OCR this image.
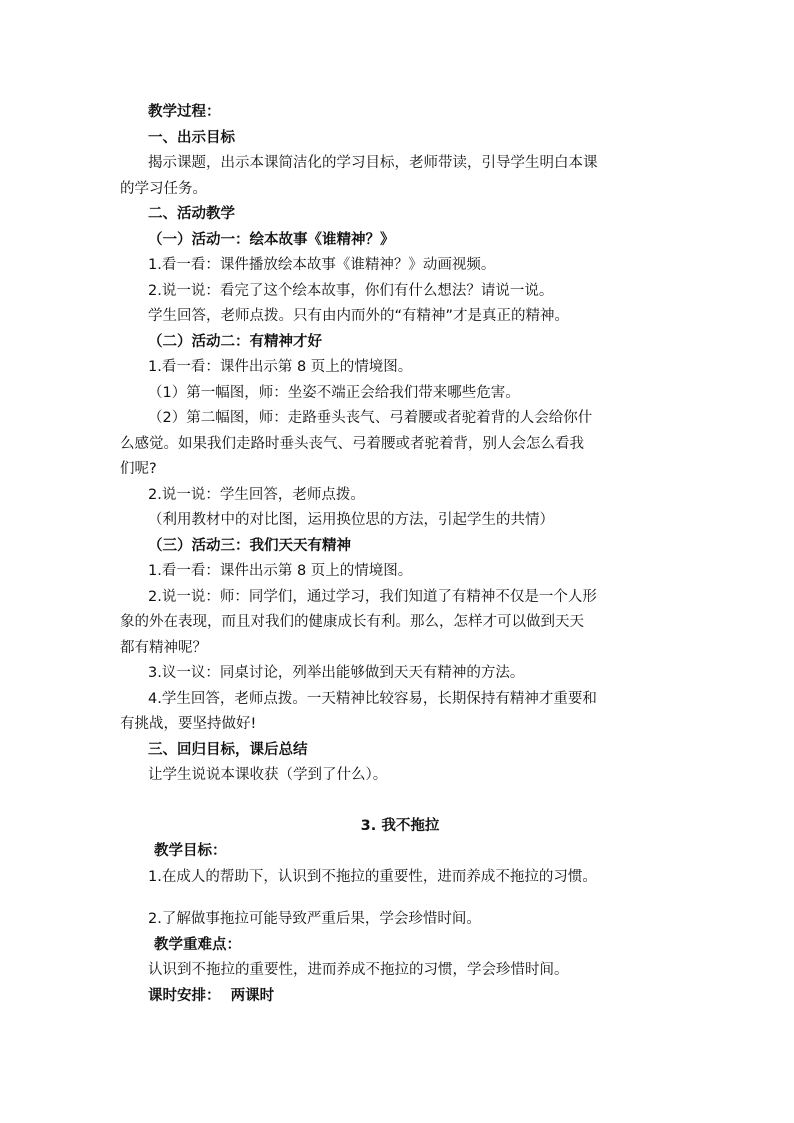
教学过程：

一、出示目标

揭示课题，出示本课简洁化的学习目标，老师带读，引导学生明白本课

的学习任务。

二、活动教学

（一）活动一：绘本故事《谁精神？》

1.看一看：课件播放绘本故事《谁精神？》动画视频。

2.说一说：看完了这个绘本故事，你们有什么想法？请说一说。

学生回答，老师点拨。只有由内而外的“有精神”才是真正的精神。

（二）活动二：有精神才好

1.看一看：课件出示第 8 页上的情境图。

（1）第一幅图，师：坐姿不端正会给我们带来哪些危害。

（2）第二幅图，师：走路垂头丧气、弓着腰或者驼着背的人会给你什

么感觉。如果我们走路时垂头丧气、弓着腰或者驼着背，别人会怎么看我

们呢?

2.说一说：学生回答，老师点拨。

（利用教材中的对比图，运用换位思的方法，引起学生的共情）

（三）活动三：我们天天有精神

1.看一看：课件出示第 8 页上的情境图。

2.说一说：师：同学们，通过学习，我们知道了有精神不仅是一个人形

象的外在表现，而且对我们的健康成长有利。那么，怎样才可以做到天天

都有精神呢？

3.议一议：同桌讨论，列举出能够做到天天有精神的方法。

4.学生回答，老师点拨。一天精神比较容易，长期保持有精神才重要和

有挑战，要坚持做好!

三、回归目标，课后总结

让学生说说本课收获（学到了什么）。

3. 我不拖拉

教学目标：

1.在成人的帮助下，认识到不拖拉的重要性，进而养成不拖拉的习惯。

2.了解做事拖拉可能导致严重后果，学会珍惜时间。

教学重难点：

认识到不拖拉的重要性，进而养成不拖拉的习惯，学会珍惜时间。

课时安排：  两课时
